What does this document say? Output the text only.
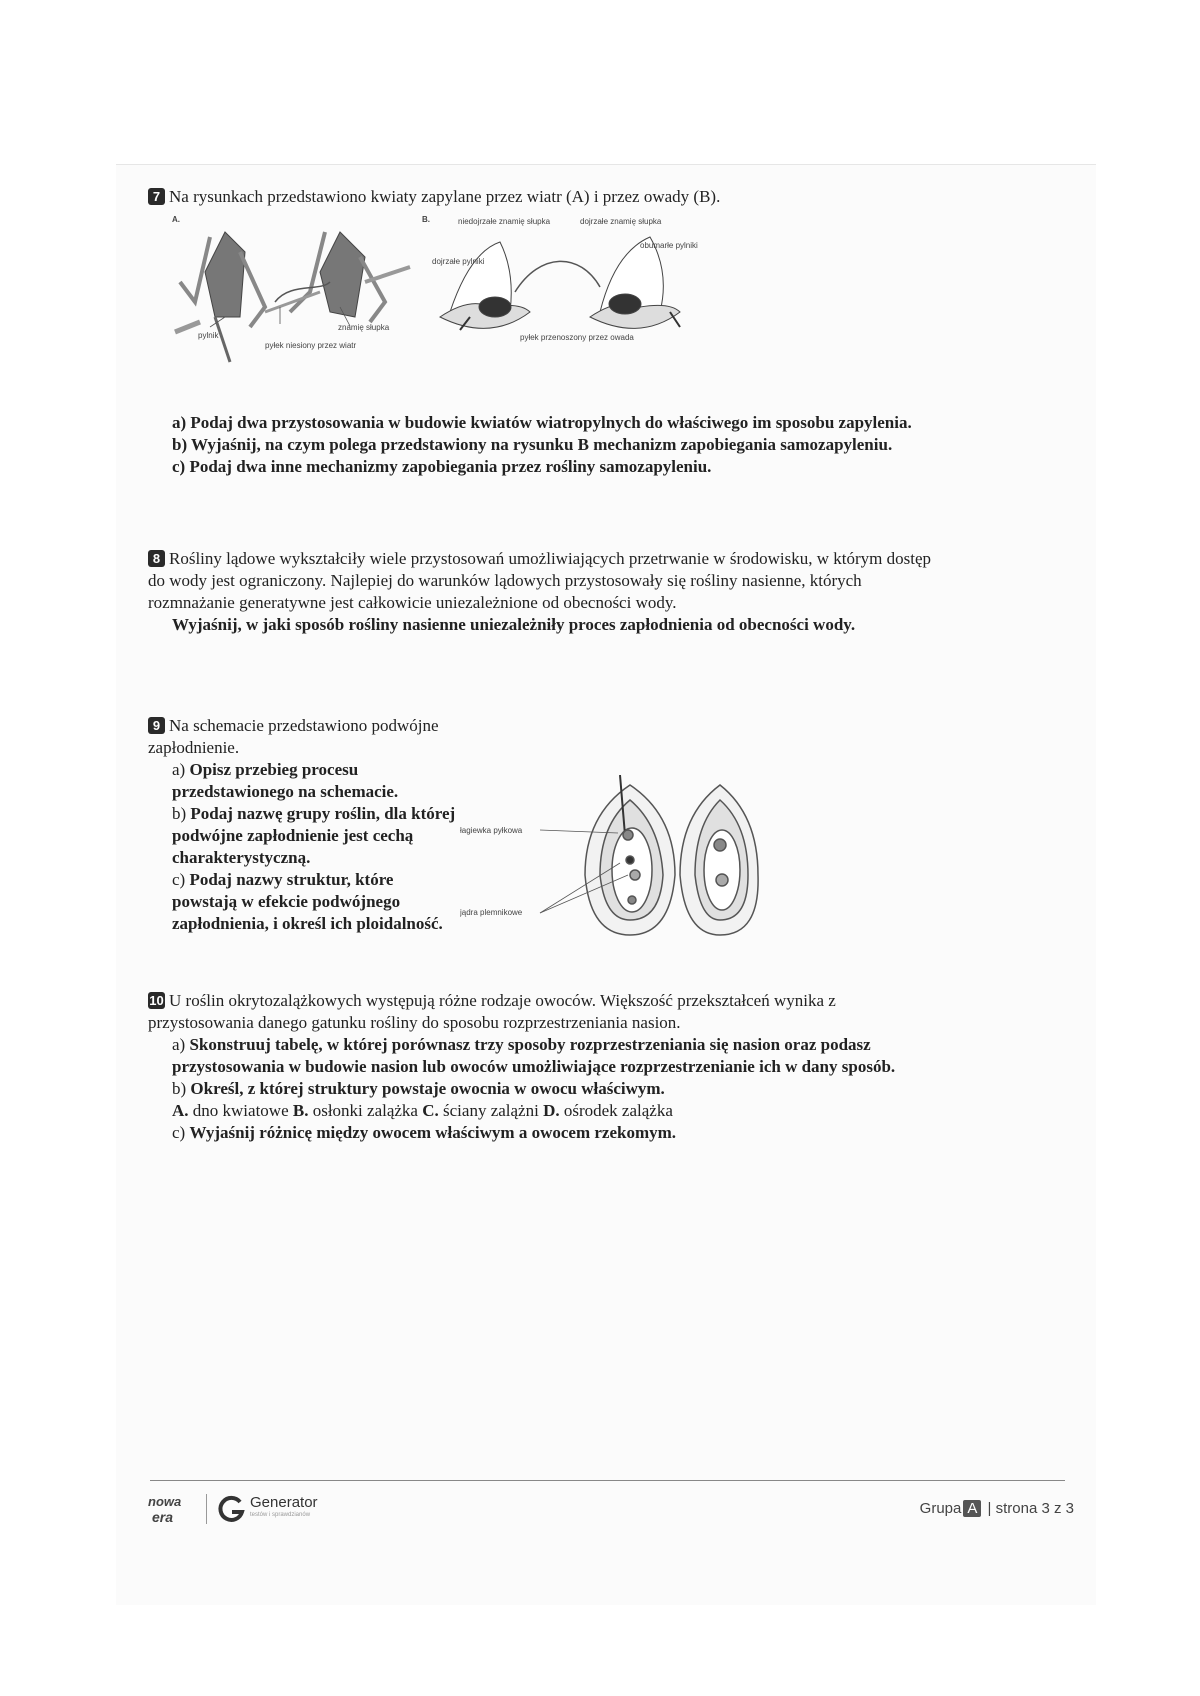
7 Na rysunkach przedstawiono kwiaty zapylane przez wiatr (A) i przez owady (B).

A.
pylnik
pyłek niesiony przez wiatr
znamię słupka
B.	niedojrzałe znamię słupka	dojrzałe znamię słupka
dojrzałe pylniki
obumarłe pylniki
pyłek przenoszony przez owada

a) Podaj dwa przystosowania w budowie kwiatów wiatropylnych do właściwego im sposobu zapylenia.

b) Wyjaśnij, na czym polega przedstawiony na rysunku B mechanizm zapobiegania samozapyleniu.

c) Podaj dwa inne mechanizmy zapobiegania przez rośliny samozapyleniu.

8 Rośliny lądowe wykształciły wiele przystosowań umożliwiających przetrwanie w środowisku, w którym dostęp do wody jest ograniczony. Najlepiej do warunków lądowych przystosowały się rośliny nasienne, których rozmnażanie generatywne jest całkowicie uniezależnione od obecności wody.

Wyjaśnij, w jaki sposób rośliny nasienne uniezależniły proces zapłodnienia od obecności wody.

9 Na schemacie przedstawiono podwójne zapłodnienie.

a) Opisz przebieg procesu przedstawionego na schemacie.

b) Podaj nazwę grupy roślin, dla której podwójne zapłodnienie jest cechą charakterystyczną.

c) Podaj nazwy struktur, które powstają w efekcie podwójnego zapłodnienia, i określ ich ploidalność.

łagiewka pyłkowa
jądra plemnikowe

10 U roślin okrytozalążkowych występują różne rodzaje owoców. Większość przekształceń wynika z przystosowania danego gatunku rośliny do sposobu rozprzestrzeniania nasion.

a) Skonstruuj tabelę, w której porównasz trzy sposoby rozprzestrzeniania się nasion oraz podasz przystosowania w budowie nasion lub owoców umożliwiające rozprzestrzenianie ich w dany sposób.

b) Określ, z której struktury powstaje owocnia w owocu właściwym.

A. dno kwiatowe B. osłonki zalążka C. ściany zalążni D. ośrodek zalążka

c) Wyjaśnij różnicę między owocem właściwym a owocem rzekomym.

nowa
era
Generator
testów i sprawdzianów	Grupa A | strona 3 z 3
